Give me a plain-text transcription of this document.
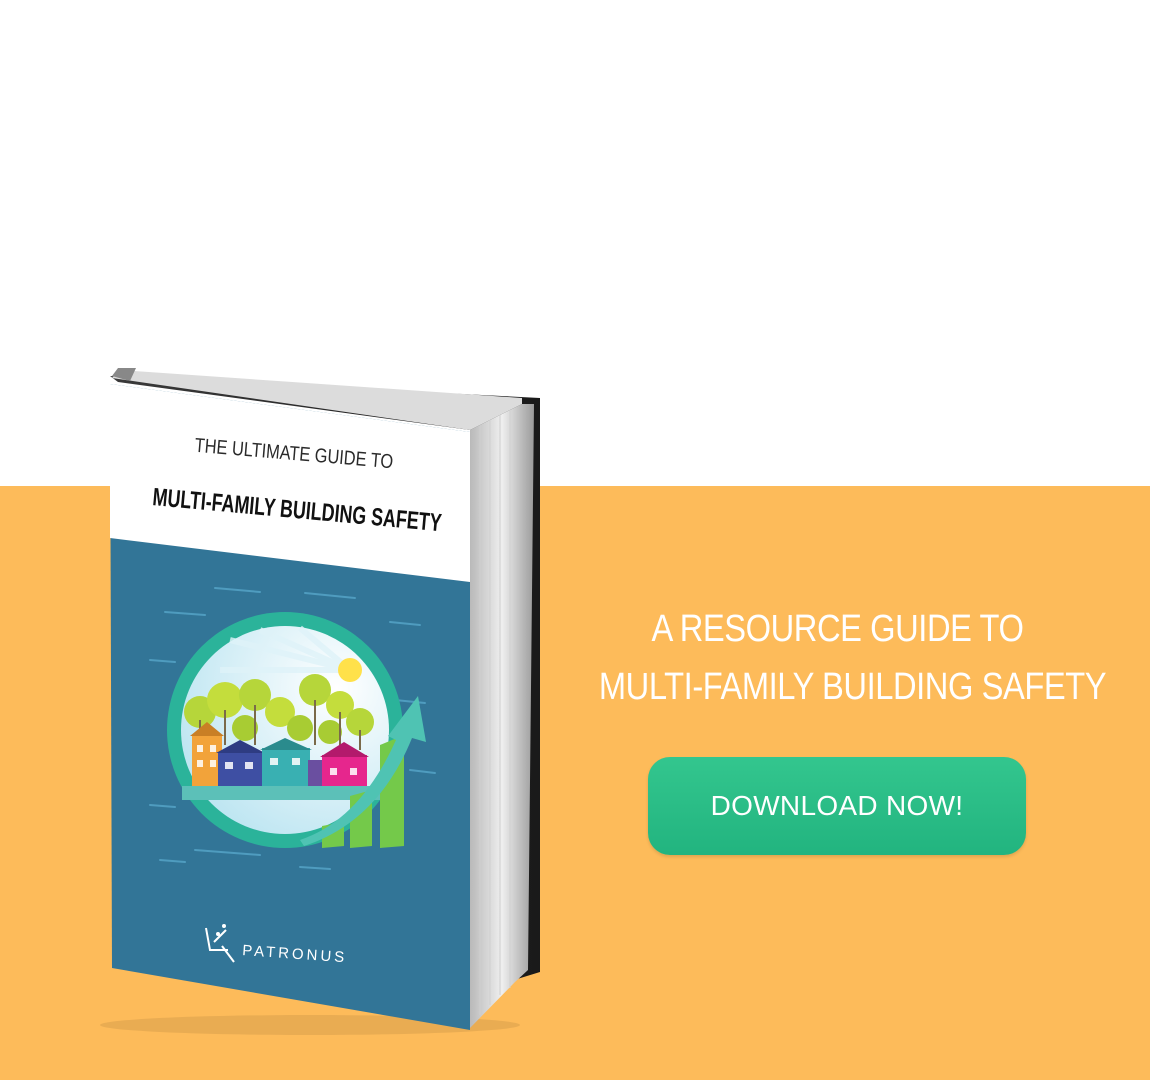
THE ULTIMATE GUIDE TO
MULTI-FAMILY BUILDING SAFETY
PATRONUS
A RESOURCE GUIDE TO
MULTI-FAMILY BUILDING SAFETY
DOWNLOAD NOW!
